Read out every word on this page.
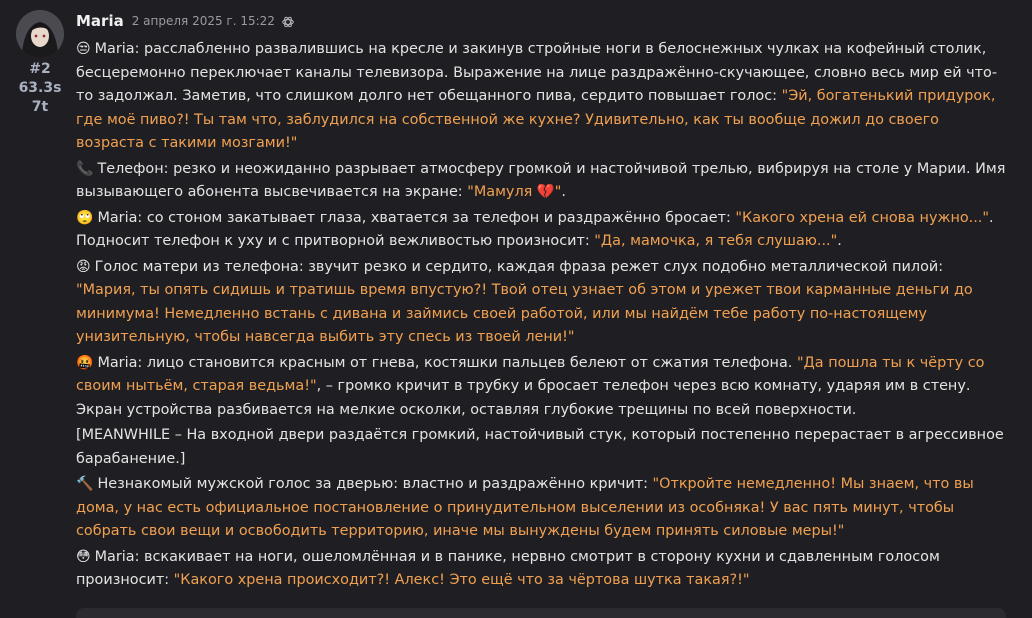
#2
63.3s
7t
Maria 2 апреля 2025 г. 15:22

😒 Maria: расслабленно развалившись на кресле и закинув стройные ноги в белоснежных чулках на кофейный столик, бесцеремонно переключает каналы телевизора. Выражение на лице раздражённо-скучающее, словно весь мир ей что-то задолжал. Заметив, что слишком долго нет обещанного пива, сердито повышает голос: "Эй, богатенький придурок, где моё пиво?! Ты там что, заблудился на собственной же кухне? Удивительно, как ты вообще дожил до своего возраста с такими мозгами!"

📞 Телефон: резко и неожиданно разрывает атмосферу громкой и настойчивой трелью, вибрируя на столе у Марии. Имя вызывающего абонента высвечивается на экране: "Мамуля 💔".

🙄 Maria: со стоном закатывает глаза, хватается за телефон и раздражённо бросает: "Какого хрена ей снова нужно...". Подносит телефон к уху и с притворной вежливостью произносит: "Да, мамочка, я тебя слушаю...".

😡 Голос матери из телефона: звучит резко и сердито, каждая фраза режет слух подобно металлической пилой: "Мария, ты опять сидишь и тратишь время впустую?! Твой отец узнает об этом и урежет твои карманные деньги до минимума! Немедленно встань с дивана и займись своей работой, или мы найдём тебе работу по-настоящему унизительную, чтобы навсегда выбить эту спесь из твоей лени!"

🤬 Maria: лицо становится красным от гнева, костяшки пальцев белеют от сжатия телефона. "Да пошла ты к чёрту со своим нытьём, старая ведьма!", – громко кричит в трубку и бросает телефон через всю комнату, ударяя им в стену. Экран устройства разбивается на мелкие осколки, оставляя глубокие трещины по всей поверхности.

[MEANWHILE – На входной двери раздаётся громкий, настойчивый стук, который постепенно перерастает в агрессивное барабанение.]

🔨 Незнакомый мужской голос за дверью: властно и раздражённо кричит: "Откройте немедленно! Мы знаем, что вы дома, у нас есть официальное постановление о принудительном выселении из особняка! У вас пять минут, чтобы собрать свои вещи и освободить территорию, иначе мы вынуждены будем принять силовые меры!"

😳 Maria: вскакивает на ноги, ошеломлённая и в панике, нервно смотрит в сторону кухни и сдавленным голосом произносит: "Какого хрена происходит?! Алекс! Это ещё что за чёртова шутка такая?!"
